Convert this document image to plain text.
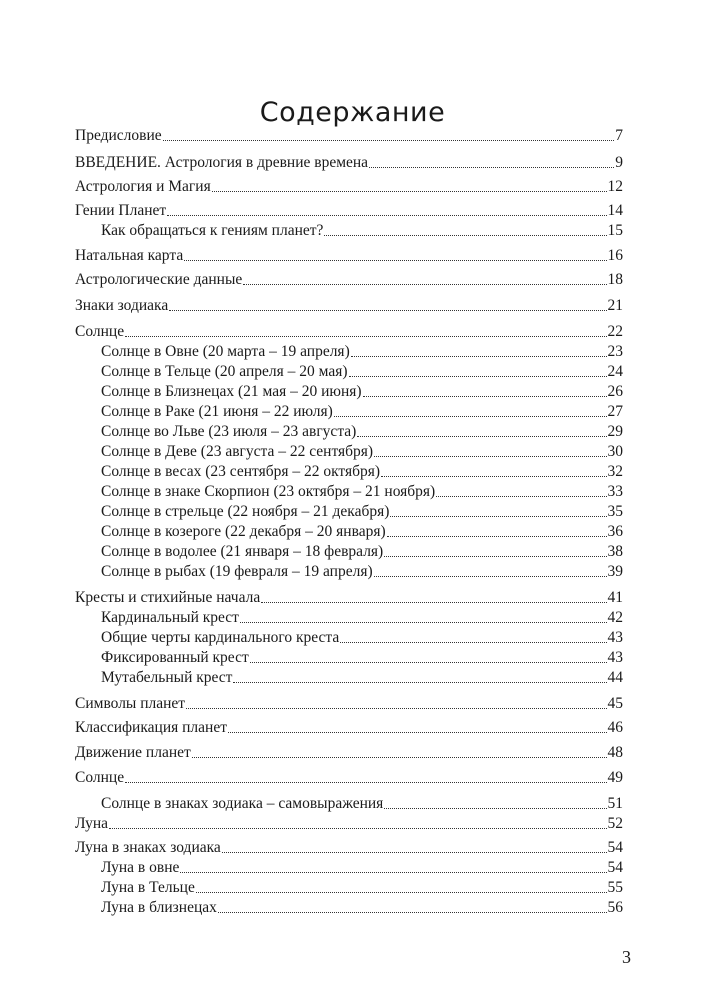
Содержание
Предисловие	7
ВВЕДЕНИЕ. Астрология в древние времена	9
Астрология и Магия	12
Гении Планет	14
Как обращаться к гениям планет?	15
Натальная карта	16
Астрологические данные	18
Знаки зодиака	21
Солнце	22
Солнце в Овне (20 марта – 19 апреля)	23
Солнце в Тельце (20 апреля – 20 мая)	24
Солнце в Близнецах (21 мая – 20 июня)	26
Солнце в Раке (21 июня – 22 июля)	27
Солнце во Льве (23 июля – 23 августа)	29
Солнце в Деве (23 августа – 22 сентября)	30
Солнце в весах (23 сентября – 22 октября)	32
Солнце в знаке Скорпион (23 октября – 21 ноября)	33
Солнце в стрельце (22 ноября – 21 декабря)	35
Солнце в козероге (22 декабря – 20 января)	36
Солнце в водолее (21 января – 18 февраля)	38
Солнце в рыбах (19 февраля – 19 апреля)	39
Кресты и стихийные начала	41
Кардинальный крест	42
Общие черты кардинального креста	43
Фиксированный крест	43
Мутабельный крест	44
Символы планет	45
Классификация планет	46
Движение планет	48
Солнце	49
Солнце в знаках зодиака – самовыражения	51
Луна	52
Луна в знаках зодиака	54
Луна в овне	54
Луна в Тельце	55
Луна в близнецах	56
3
